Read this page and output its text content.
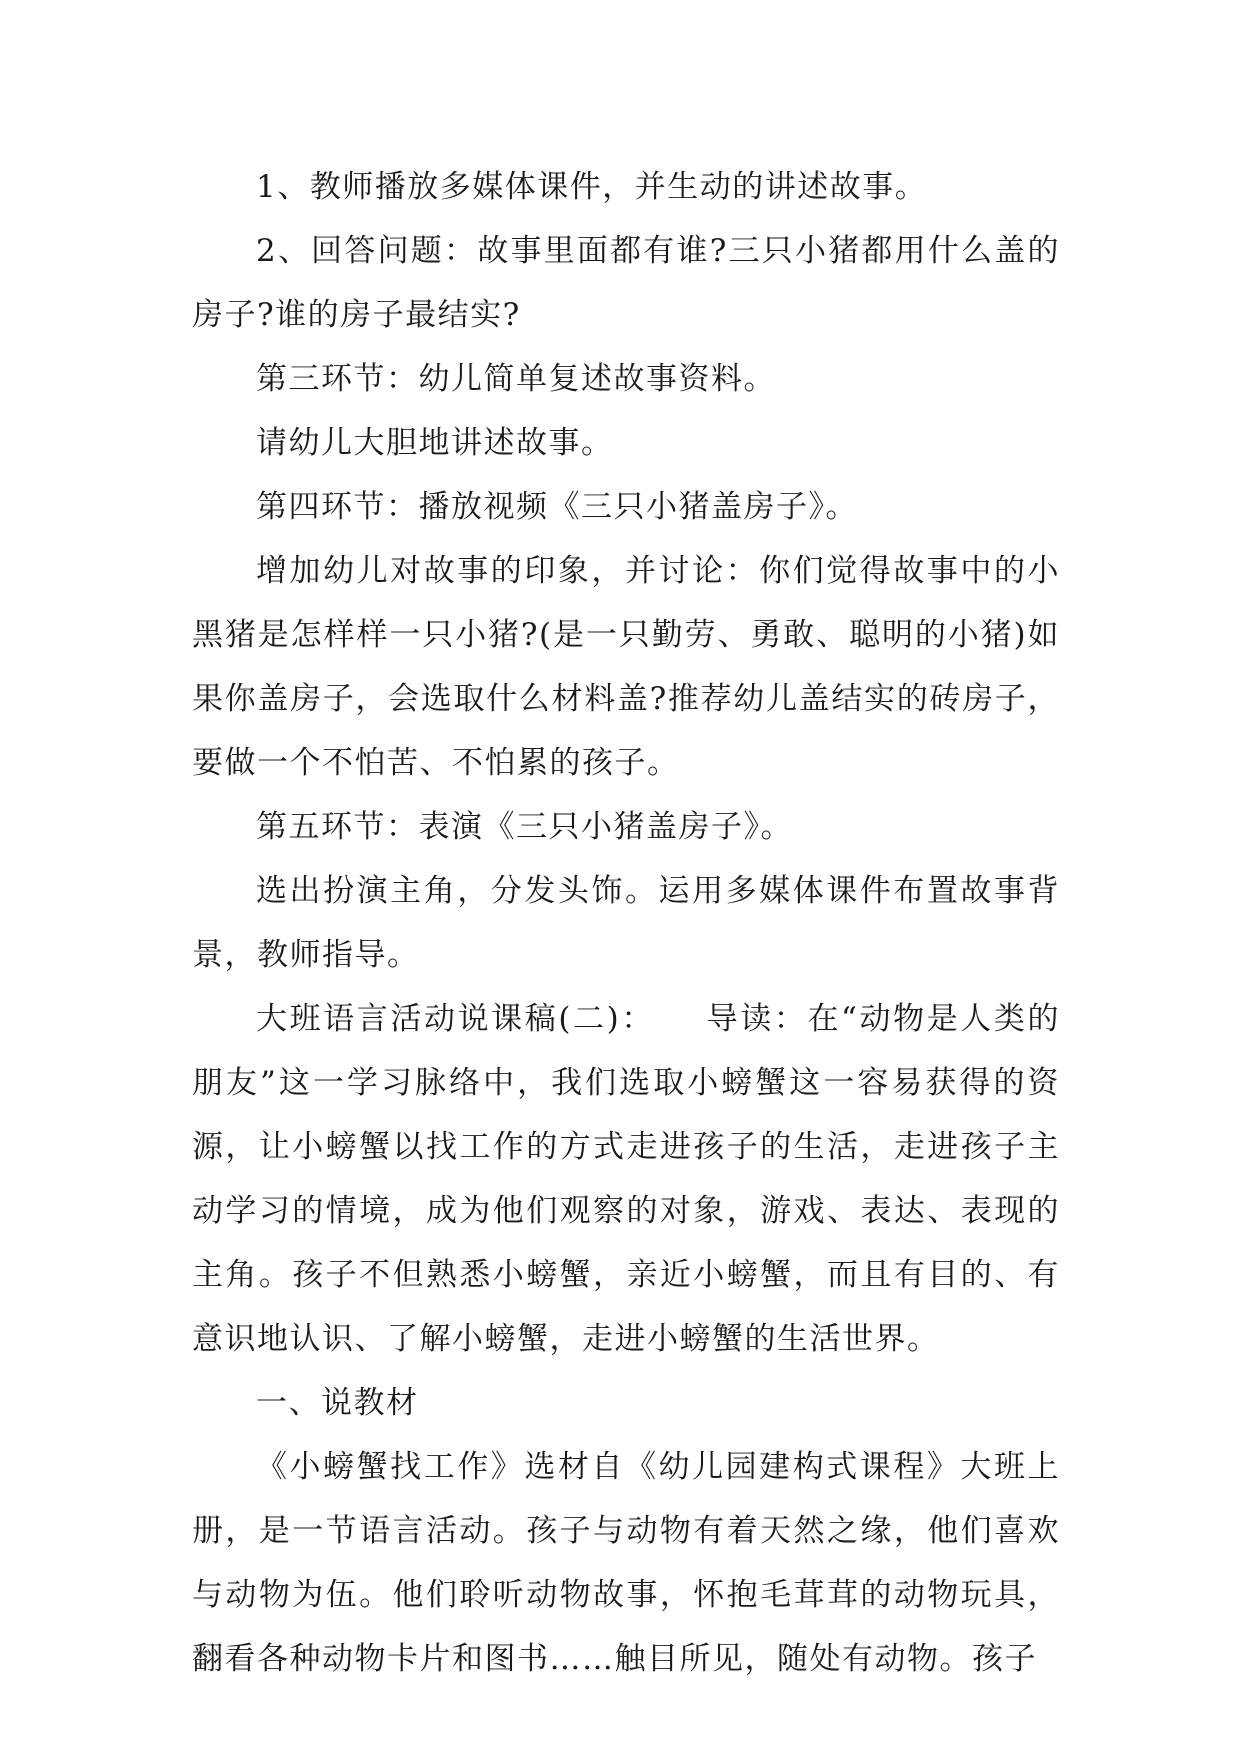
1、教师播放多媒体课件，并生动的讲述故事。

2、回答问题：故事里面都有谁?三只小猪都用什么盖的房子?谁的房子最结实?

第三环节：幼儿简单复述故事资料。

请幼儿大胆地讲述故事。

第四环节：播放视频《三只小猪盖房子》。

增加幼儿对故事的印象，并讨论：你们觉得故事中的小黑猪是怎样样一只小猪?(是一只勤劳、勇敢、聪明的小猪)如果你盖房子，会选取什么材料盖?推荐幼儿盖结实的砖房子，要做一个不怕苦、不怕累的孩子。

第五环节：表演《三只小猪盖房子》。

选出扮演主角，分发头饰。运用多媒体课件布置故事背景，教师指导。

大班语言活动说课稿(二)：　　导读：在“动物是人类的朋友”这一学习脉络中，我们选取小螃蟹这一容易获得的资源，让小螃蟹以找工作的方式走进孩子的生活，走进孩子主动学习的情境，成为他们观察的对象，游戏、表达、表现的主角。孩子不但熟悉小螃蟹，亲近小螃蟹，而且有目的、有意识地认识、了解小螃蟹，走进小螃蟹的生活世界。

一、说教材

《小螃蟹找工作》选材自《幼儿园建构式课程》大班上册，是一节语言活动。孩子与动物有着天然之缘，他们喜欢与动物为伍。他们聆听动物故事，怀抱毛茸茸的动物玩具，翻看各种动物卡片和图书……触目所见，随处有动物。孩子
